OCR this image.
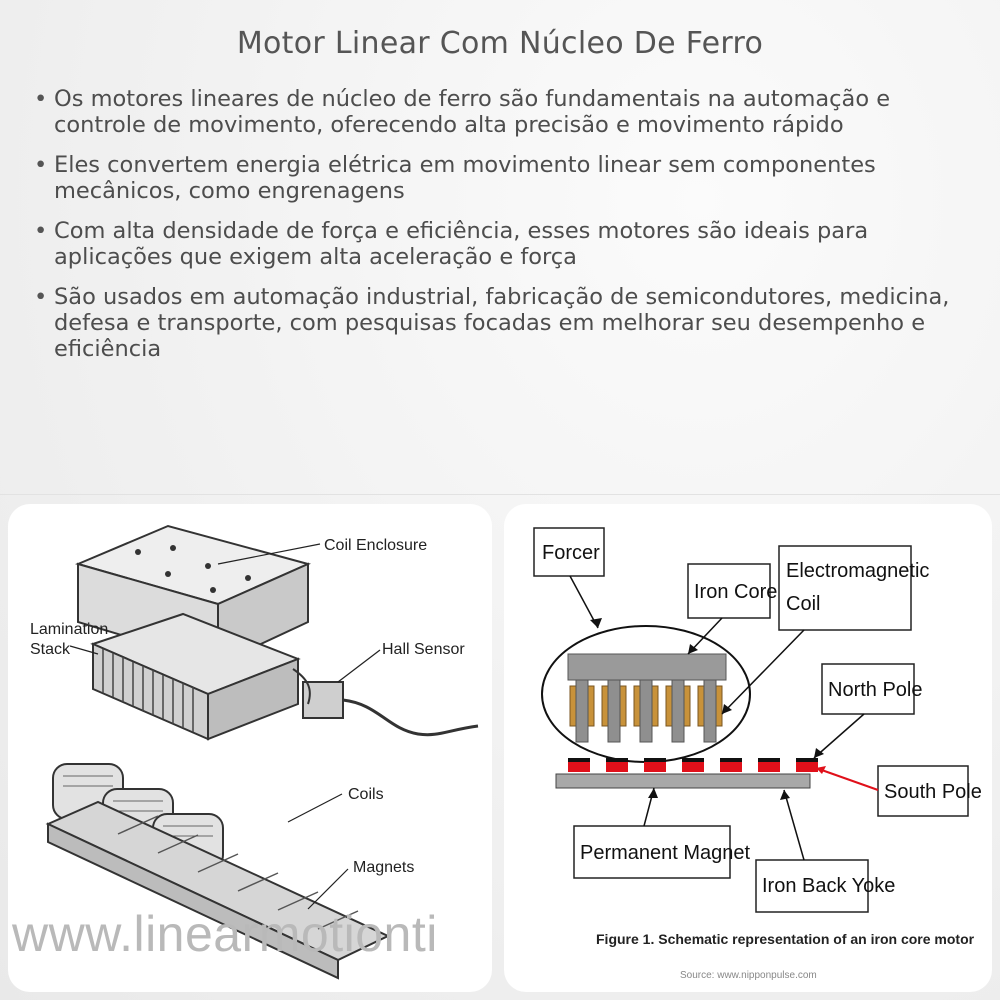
Motor Linear Com Núcleo De Ferro
• Os motores lineares de núcleo de ferro são fundamentais na automação e controle de movimento, oferecendo alta precisão e movimento rápido
• Eles convertem energia elétrica em movimento linear sem componentes mecânicos, como engrenagens
• Com alta densidade de força e eficiência, esses motores são ideais para aplicações que exigem alta aceleração e força
• São usados em automação industrial, fabricação de semicondutores, medicina, defesa e transporte, com pesquisas focadas em melhorar seu desempenho e eficiência
Coil Enclosure
Lamination
Stack	Hall Sensor
Coils
Magnets
www.linearmotionti
Forcer
Iron Core
Electromagnetic
Coil
North Pole
South Pole
Permanent Magnet
Iron Back Yoke
Figure 1. Schematic representation of an iron core motor
Source: www.nipponpulse.com
